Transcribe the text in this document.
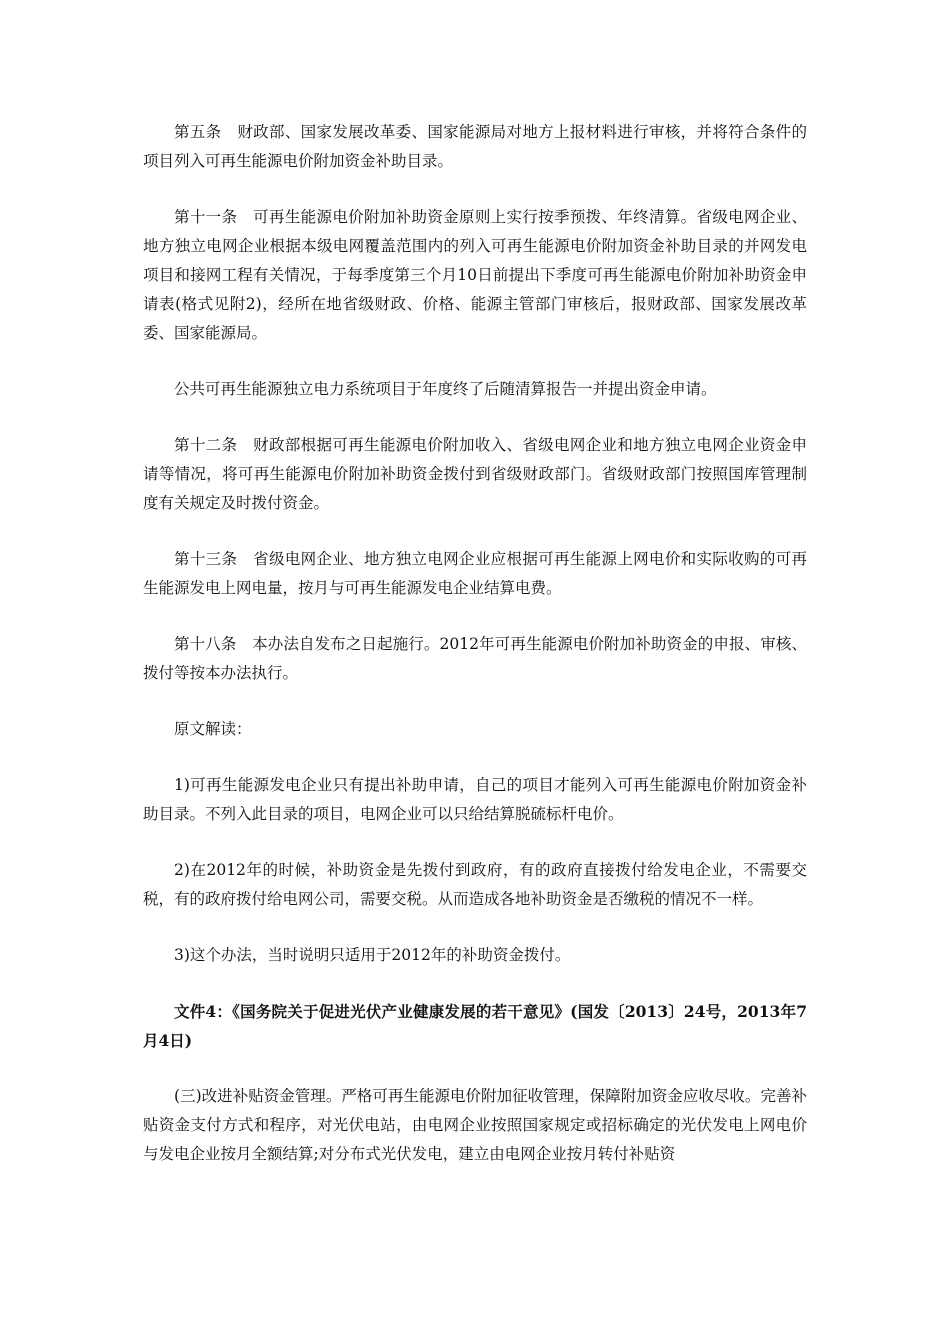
第五条　财政部、国家发展改革委、国家能源局对地方上报材料进行审核，并将符合条件的项目列入可再生能源电价附加资金补助目录。

第十一条　可再生能源电价附加补助资金原则上实行按季预拨、年终清算。省级电网企业、地方独立电网企业根据本级电网覆盖范围内的列入可再生能源电价附加资金补助目录的并网发电项目和接网工程有关情况，于每季度第三个月10日前提出下季度可再生能源电价附加补助资金申请表(格式见附2)，经所在地省级财政、价格、能源主管部门审核后，报财政部、国家发展改革委、国家能源局。

公共可再生能源独立电力系统项目于年度终了后随清算报告一并提出资金申请。

第十二条　财政部根据可再生能源电价附加收入、省级电网企业和地方独立电网企业资金申请等情况，将可再生能源电价附加补助资金拨付到省级财政部门。省级财政部门按照国库管理制度有关规定及时拨付资金。

第十三条　省级电网企业、地方独立电网企业应根据可再生能源上网电价和实际收购的可再生能源发电上网电量，按月与可再生能源发电企业结算电费。

第十八条　本办法自发布之日起施行。2012年可再生能源电价附加补助资金的申报、审核、拨付等按本办法执行。

原文解读：

1)可再生能源发电企业只有提出补助申请，自己的项目才能列入可再生能源电价附加资金补助目录。不列入此目录的项目，电网企业可以只给结算脱硫标杆电价。

2)在2012年的时候，补助资金是先拨付到政府，有的政府直接拨付给发电企业，不需要交税，有的政府拨付给电网公司，需要交税。从而造成各地补助资金是否缴税的情况不一样。

3)这个办法，当时说明只适用于2012年的补助资金拨付。

文件4：《国务院关于促进光伏产业健康发展的若干意见》(国发〔2013〕24号，2013年7月4日)

(三)改进补贴资金管理。严格可再生能源电价附加征收管理，保障附加资金应收尽收。完善补贴资金支付方式和程序，对光伏电站，由电网企业按照国家规定或招标确定的光伏发电上网电价与发电企业按月全额结算;对分布式光伏发电，建立由电网企业按月转付补贴资
